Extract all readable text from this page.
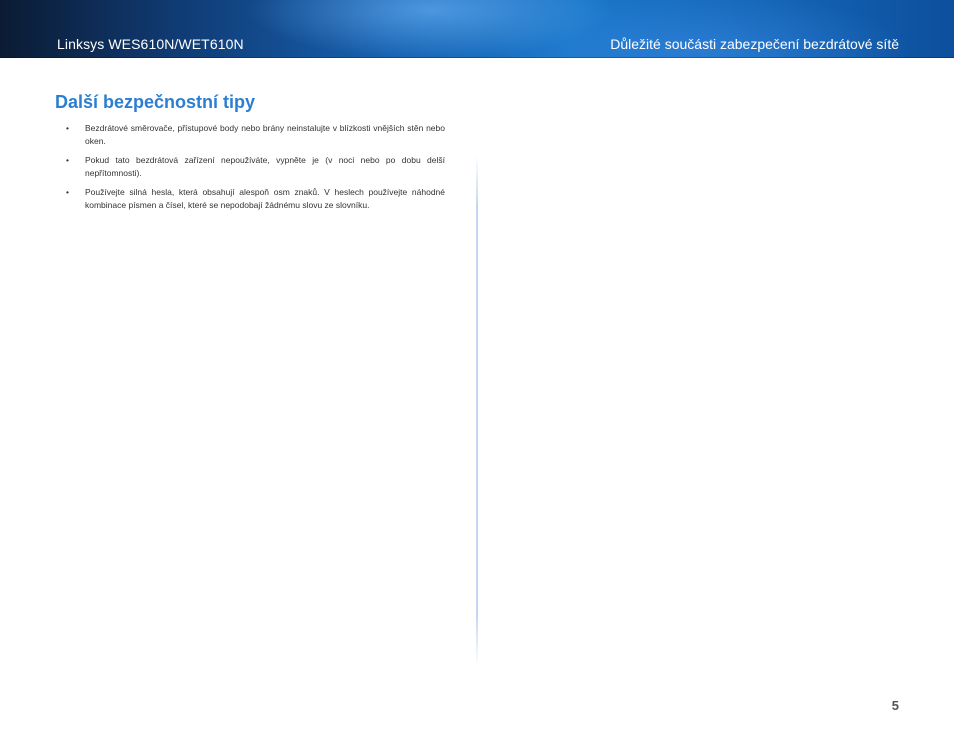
Linksys WES610N/WET610N	Důležité součásti zabezpečení bezdrátové sítě
Další bezpečnostní tipy
• Bezdrátové směrovače, přístupové body nebo brány neinstalujte v blízkosti vnějších stěn nebo oken.
• Pokud tato bezdrátová zařízení nepoužíváte, vypněte je (v noci nebo po dobu delší nepřítomnosti).
• Používejte silná hesla, která obsahují alespoň osm znaků. V heslech používejte náhodné kombinace písmen a čísel, které se nepodobají žádnému slovu ze slovníku.
5
